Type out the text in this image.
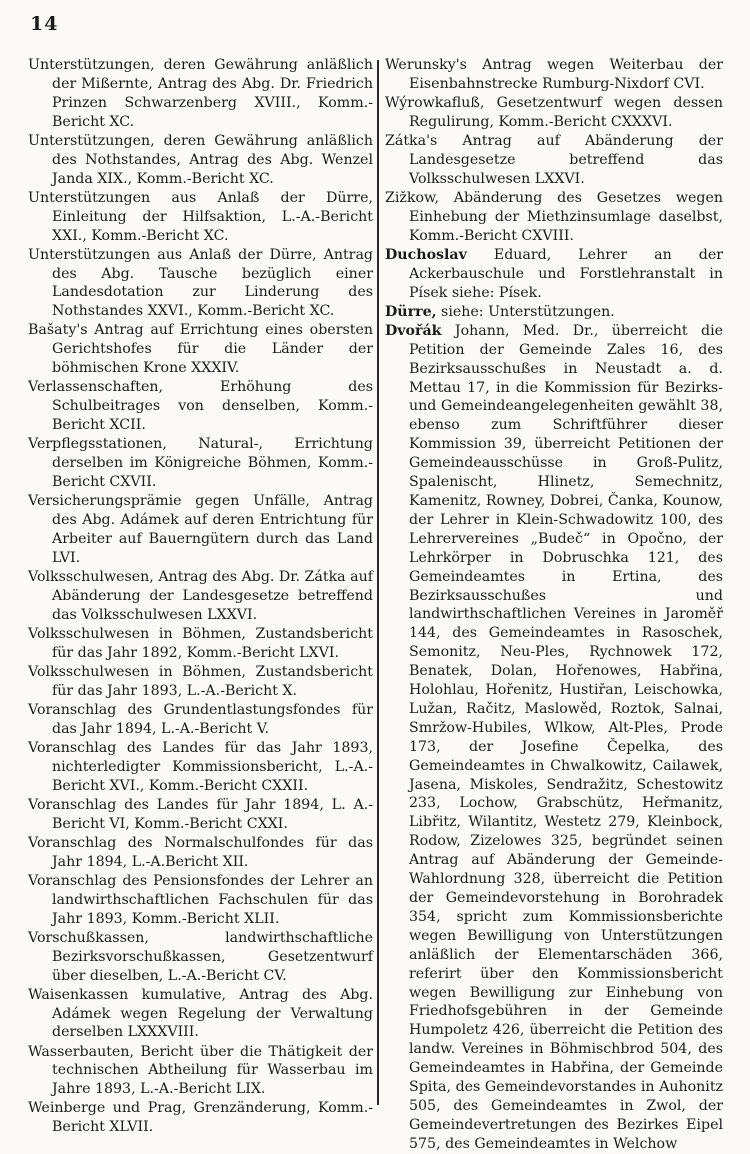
14

Unterstützungen, deren Gewährung anläßlich der Mißernte, Antrag des Abg. Dr. Friedrich Prinzen Schwarzenberg XVIII., Komm.-Bericht XC.

Unterstützungen, deren Gewährung anläßlich des Nothstandes, Antrag des Abg. Wenzel Janda XIX., Komm.-Bericht XC.

Unterstützungen aus Anlaß der Dürre, Einleitung der Hilfsaktion, L.-A.-Bericht XXI., Komm.-Bericht XC.

Unterstützungen aus Anlaß der Dürre, Antrag des Abg. Tausche bezüglich einer Landesdotation zur Linderung des Nothstandes XXVI., Komm.-Bericht XC.

Bašaty's Antrag auf Errichtung eines obersten Gerichtshofes für die Länder der böhmischen Krone XXXIV.

Verlassenschaften, Erhöhung des Schulbeitrages von denselben, Komm.-Bericht XCII.

Verpflegsstationen, Natural-, Errichtung derselben im Königreiche Böhmen, Komm.-Bericht CXVII.

Versicherungsprämie gegen Unfälle, Antrag des Abg. Adámek auf deren Entrichtung für Arbeiter auf Bauerngütern durch das Land LVI.

Volksschulwesen, Antrag des Abg. Dr. Zátka auf Abänderung der Landesgesetze betreffend das Volksschulwesen LXXVI.

Volksschulwesen in Böhmen, Zustandsbericht für das Jahr 1892, Komm.-Bericht LXVI.

Volksschulwesen in Böhmen, Zustandsbericht für das Jahr 1893, L.-A.-Bericht X.

Voranschlag des Grundentlastungsfondes für das Jahr 1894, L.-A.-Bericht V.

Voranschlag des Landes für das Jahr 1893, nichterledigter Kommissionsbericht, L.-A.-Bericht XVI., Komm.-Bericht CXXII.

Voranschlag des Landes für Jahr 1894, L. A.-Bericht VI, Komm.-Bericht CXXI.

Voranschlag des Normalschulfondes für das Jahr 1894, L.-A.Bericht XII.

Voranschlag des Pensionsfondes der Lehrer an landwirthschaftlichen Fachschulen für das Jahr 1893, Komm.-Bericht XLII.

Vorschußkassen, landwirthschaftliche Bezirksvorschußkassen, Gesetzentwurf über dieselben, L.-A.-Bericht CV.

Waisenkassen kumulative, Antrag des Abg. Adámek wegen Regelung der Verwaltung derselben LXXXVIII.

Wasserbauten, Bericht über die Thätigkeit der technischen Abtheilung für Wasserbau im Jahre 1893, L.-A.-Bericht LIX.

Weinberge und Prag, Grenzänderung, Komm.-Bericht XLVII.

Werunsky's Antrag wegen Weiterbau der Eisenbahnstrecke Rumburg-Nixdorf CVI.

Wýrowkafluß, Gesetzentwurf wegen dessen Regulirung, Komm.-Bericht CXXXVI.

Zátka's Antrag auf Abänderung der Landesgesetze betreffend das Volksschulwesen LXXVI.

Zižkow, Abänderung des Gesetzes wegen Einhebung der Miethzinsumlage daselbst, Komm.-Bericht CXVIII.

Duchoslav Eduard, Lehrer an der Ackerbauschule und Forstlehranstalt in Písek siehe: Písek.

Dürre, siehe: Unterstützungen.

Dvořák Johann, Med. Dr., überreicht die Petition der Gemeinde Zales 16, des Bezirksausschußes in Neustadt a. d. Mettau 17, in die Kommission für Bezirks- und Gemeindeangelegenheiten gewählt 38, ebenso zum Schriftführer dieser Kommission 39, überreicht Petitionen der Gemeindeausschüsse in Groß-Pulitz, Spalenischt, Hlinetz, Semechnitz, Kamenitz, Rowney, Dobrei, Čanka, Kounow, der Lehrer in Klein-Schwadowitz 100, des Lehrervereines „Budeč“ in Opočno, der Lehrkörper in Dobruschka 121, des Gemeindeamtes in Ertina, des Bezirksausschußes und landwirthschaftlichen Vereines in Jaroměř 144, des Gemeindeamtes in Rasoschek, Semonitz, Neu-Ples, Rychnowek 172, Benatek, Dolan, Hořenowes, Habřina, Holohlau, Hořenitz, Hustiřan, Leischowka, Lužan, Račitz, Maslowěd, Roztok, Salnai, Smržow-Hubiles, Wlkow, Alt-Ples, Prode 173, der Josefine Čepelka, des Gemeindeamtes in Chwalkowitz, Cailawek, Jasena, Miskoles, Sendražitz, Schestowitz 233, Lochow, Grabschütz, Heřmanitz, Libřitz, Wilantitz, Westetz 279, Kleinbock, Rodow, Zizelowes 325, begründet seinen Antrag auf Abänderung der Gemeinde-Wahlordnung 328, überreicht die Petition der Gemeindevorstehung in Borohradek 354, spricht zum Kommissionsberichte wegen Bewilligung von Unterstützungen anläßlich der Elementarschäden 366, referirt über den Kommissionsbericht wegen Bewilligung zur Einhebung von Friedhofsgebühren in der Gemeinde Humpoletz 426, überreicht die Petition des landw. Vereines in Böhmischbrod 504, des Gemeindeamtes in Habřina, der Gemeinde Spita, des Gemeindevorstandes in Auhonitz 505, des Gemeindeamtes in Zwol, der Gemeindevertretungen des Bezirkes Eipel 575, des Gemeindeamtes in Welchow
